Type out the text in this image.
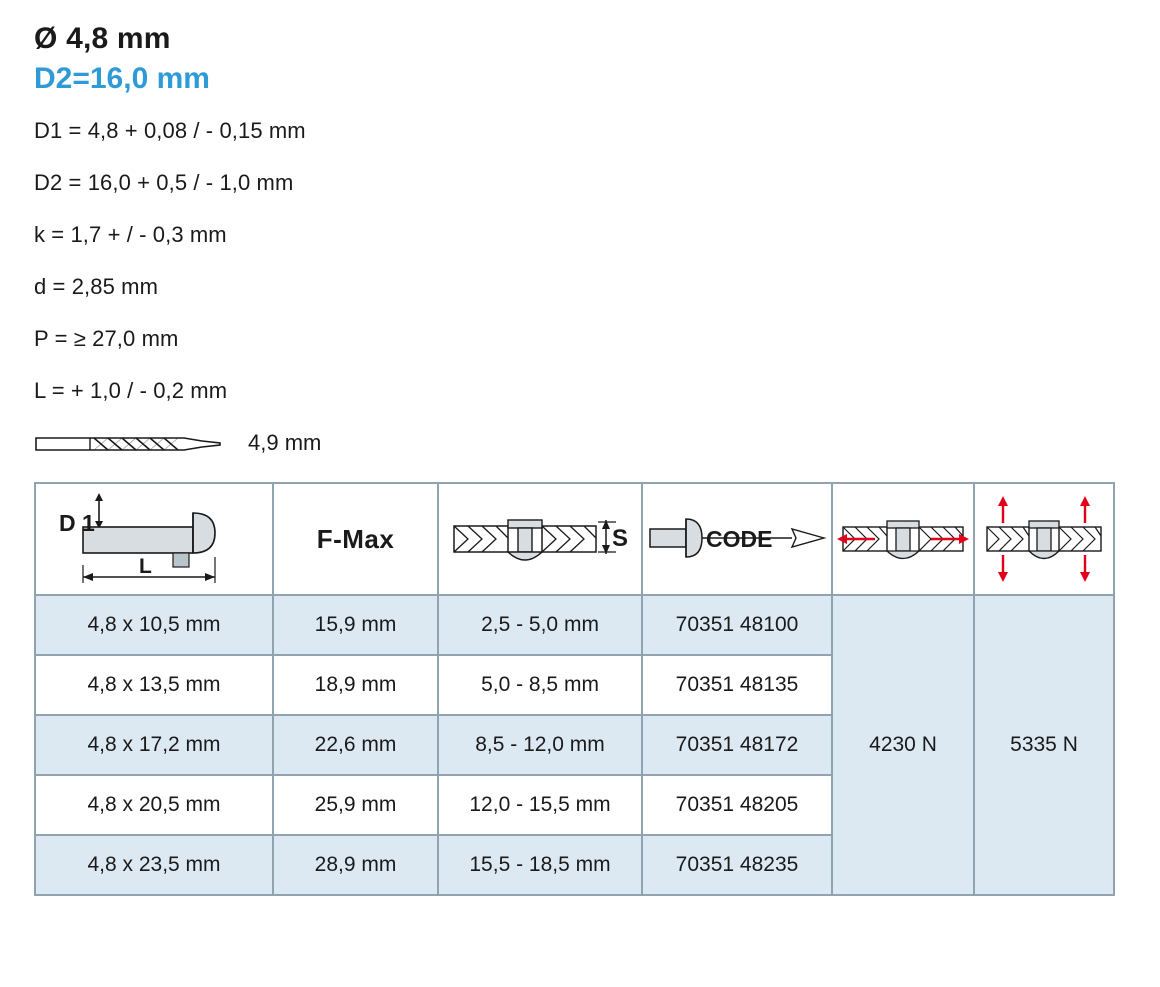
Ø 4,8 mm
D2=16,0 mm
D1 = 4,8 + 0,08 / - 0,15 mm
D2 = 16,0 + 0,5 / - 1,0 mm
k = 1,7 + / - 0,3 mm
d = 2,85 mm
P = ≥ 27,0 mm
L = + 1,0 / - 0,2 mm
4,9 mm
D 1
L	F-Max	S	CODE

4,8 x 10,5 mm	15,9 mm	2,5 - 5,0 mm	70351 48100	4230 N	5335 N
4,8 x 13,5 mm	18,9 mm	5,0 - 8,5 mm	70351 48135		
4,8 x 17,2 mm	22,6 mm	8,5 - 12,0 mm	70351 48172		
4,8 x 20,5 mm	25,9 mm	12,0 - 15,5 mm	70351 48205		
4,8 x 23,5 mm	28,9 mm	15,5 - 18,5 mm	70351 48235		
